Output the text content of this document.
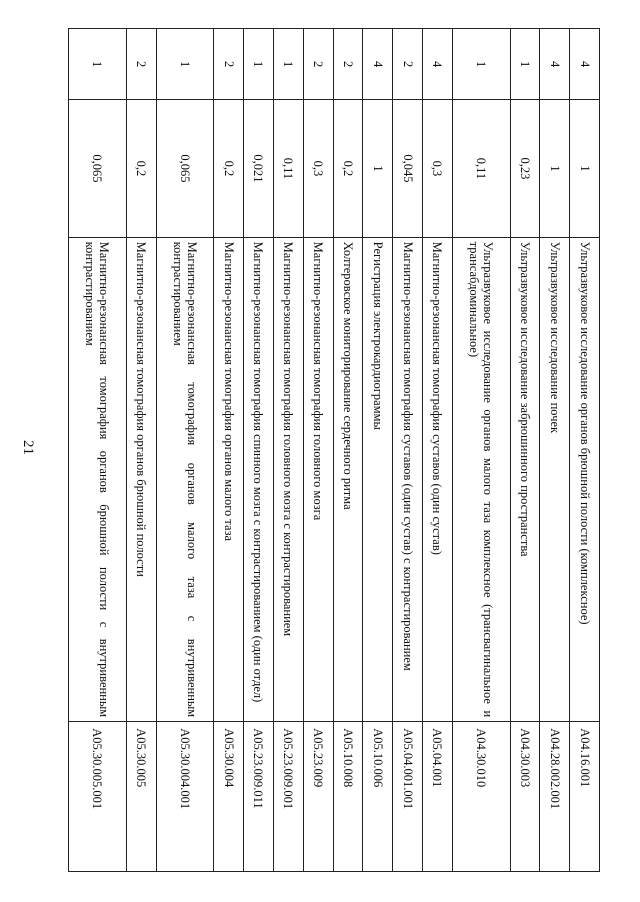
21
4	1	Ультразвуковое исследование органов брюшной полости (комплексное)	A04.16.001
4	1	Ультразвуковое исследование почек	A04.28.002.001
1	0,23	Ультразвуковое исследование забрюшинного пространства	A04.30.003
1	0,11	Ультразвуковое исследование органов малого таза комплексное (трансвагинальное и трансабдоминальное)	A04.30.010
4	0,3	Магнитно-резонансная томография суставов (один сустав)	A05.04.001
2	0,045	Магнитно-резонансная томография суставов (один сустав) с контрастированием	A05.04.001.001
4	1	Регистрация электрокардиограммы	A05.10.006
2	0,2	Холтеровское мониторирование сердечного ритма	A05.10.008
2	0,3	Магнитно-резонансная томография головного мозга	A05.23.009
1	0,11	Магнитно-резонансная томография головного мозга с контрастированием	A05.23.009.001
1	0,021	Магнитно-резонансная томография спинного мозга с контрастированием (один отдел)	A05.23.009.011
2	0,2	Магнитно-резонансная томография органов малого таза	A05.30.004
1	0,065	Магнитно-резонансная томография органов малого таза с внутривенным контрастированием	A05.30.004.001
2	0,2	Магнитно-резонансная томография органов брюшной полости	A05.30.005
1	0,065	Магнитно-резонансная томография органов брюшной полости с внутривенным контрастированием	A05.30.005.001
